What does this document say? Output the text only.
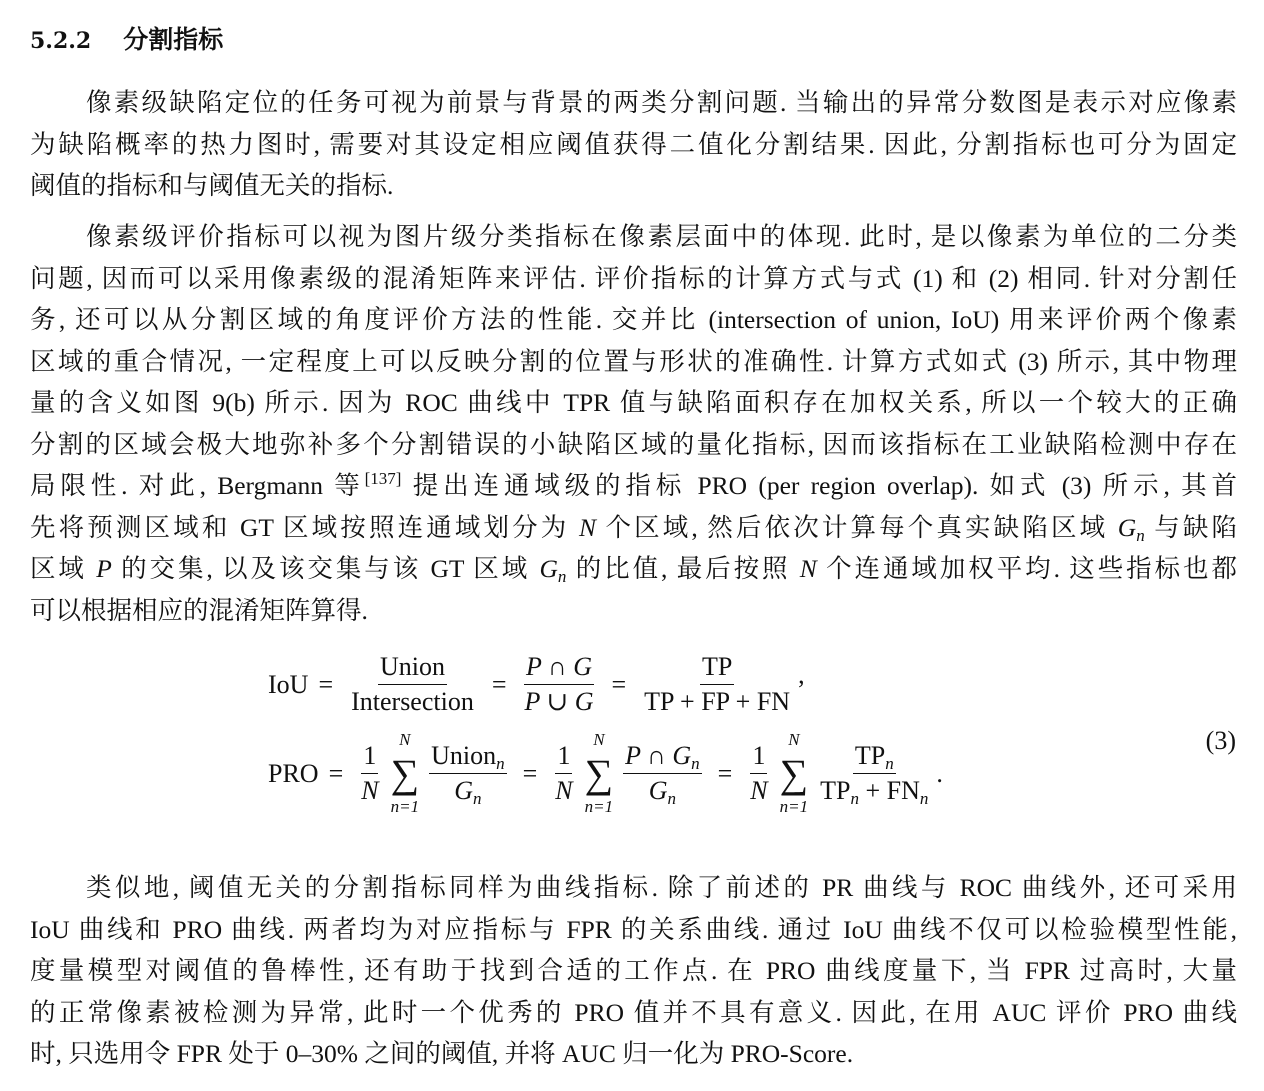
5.2.2 分割指标
像素级缺陷定位的任务可视为前景与背景的两类分割问题. 当输出的异常分数图是表示对应像素
为缺陷概率的热力图时, 需要对其设定相应阈值获得二值化分割结果. 因此, 分割指标也可分为固定
阈值的指标和与阈值无关的指标.
像素级评价指标可以视为图片级分类指标在像素层面中的体现. 此时, 是以像素为单位的二分类
问题, 因而可以采用像素级的混淆矩阵来评估. 评价指标的计算方式与式 (1) 和 (2) 相同. 针对分割任
务, 还可以从分割区域的角度评价方法的性能. 交并比 (intersection of union, IoU) 用来评价两个像素
区域的重合情况, 一定程度上可以反映分割的位置与形状的准确性. 计算方式如式 (3) 所示, 其中物理
量的含义如图 9(b) 所示. 因为 ROC 曲线中 TPR 值与缺陷面积存在加权关系, 所以一个较大的正确
分割的区域会极大地弥补多个分割错误的小缺陷区域的量化指标, 因而该指标在工业缺陷检测中存在
局限性. 对此, Bergmann 等[137] 提出连通域级的指标 PRO (per region overlap). 如式 (3) 所示, 其首
先将预测区域和 GT 区域按照连通域划分为 N 个区域, 然后依次计算每个真实缺陷区域 $G_n$ 与缺陷
区域 P 的交集, 以及该交集与该 GT 区域 $G_n$ 的比值, 最后按照 N 个连通域加权平均. 这些指标也都
可以根据相应的混淆矩阵算得.
类似地, 阈值无关的分割指标同样为曲线指标. 除了前述的 PR 曲线与 ROC 曲线外, 还可采用
IoU 曲线和 PRO 曲线. 两者均为对应指标与 FPR 的关系曲线. 通过 IoU 曲线不仅可以检验模型性能,
度量模型对阈值的鲁棒性, 还有助于找到合适的工作点. 在 PRO 曲线度量下, 当 FPR 过高时, 大量
的正常像素被检测为异常, 此时一个优秀的 PRO 值并不具有意义. 因此, 在用 AUC 评价 PRO 曲线
时, 只选用令 FPR 处于 0–30% 之间的阈值, 并将 AUC 归一化为 PRO-Score.
IoU = $\frac{\text{Union}}{\text{Intersection}} = \frac{P \cap G}{P \cup G} = \frac{TP}{TP + FP + FN}$ ,
PRO = $\frac{1}{N}$ N
∑
$n=1 \frac{Union_n}{G_n} = \frac{1}{N}$ N
∑
$n=1 \frac{P \cap G_n}{G_n} = \frac{1}{N}$ N
∑
$n=1 \frac{TP_n}{TP_n + FN_n}$ .
(3)
